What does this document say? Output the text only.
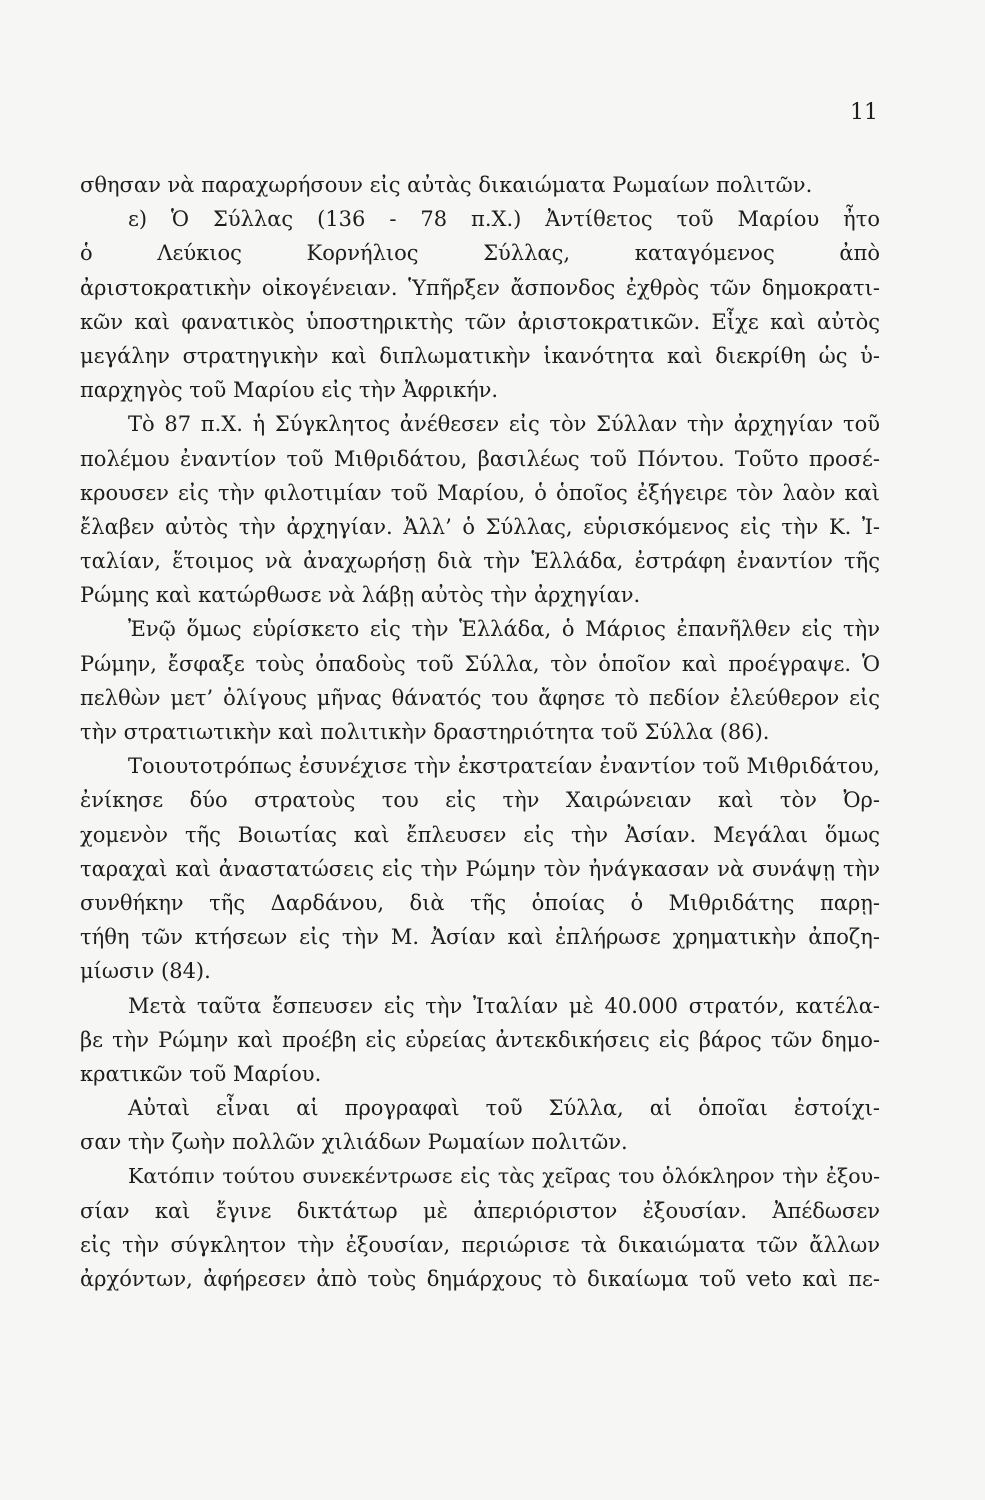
11
σθησαν νὰ παραχωρήσουν εἰς αὐτὰς δικαιώματα Ρωμαίων πολιτῶν.
ε) Ὁ Σύλλας (136 - 78 π.Χ.) Ἀντίθετος τοῦ Μαρίου ἦτο
ὁ Λεύκιος Κορνήλιος Σύλλας, καταγόμενος ἀπὸ
ἀριστοκρατικὴν οἰκογένειαν. Ὑπῆρξεν ἄσπονδος ἐχθρὸς τῶν δημοκρατι-
κῶν καὶ φανατικὸς ὑποστηρικτὴς τῶν ἀριστοκρατικῶν. Εἶχε καὶ αὐτὸς
μεγάλην στρατηγικὴν καὶ διπλωματικὴν ἱκανότητα καὶ διεκρίθη ὡς ὑ-
παρχηγὸς τοῦ Μαρίου εἰς τὴν Ἀφρικήν.
Τὸ 87 π.Χ. ἡ Σύγκλητος ἀνέθεσεν εἰς τὸν Σύλλαν τὴν ἀρχηγίαν τοῦ
πολέμου ἐναντίον τοῦ Μιθριδάτου, βασιλέως τοῦ Πόντου. Τοῦτο προσέ-
κρουσεν εἰς τὴν φιλοτιμίαν τοῦ Μαρίου, ὁ ὁποῖος ἐξήγειρε τὸν λαὸν καὶ
ἔλαβεν αὐτὸς τὴν ἀρχηγίαν. Ἀλλ’ ὁ Σύλλας, εὑρισκόμενος εἰς τὴν Κ. Ἰ-
ταλίαν, ἕτοιμος νὰ ἀναχωρήσῃ διὰ τὴν Ἑλλάδα, ἐστράφη ἐναντίον τῆς
Ρώμης καὶ κατώρθωσε νὰ λάβῃ αὐτὸς τὴν ἀρχηγίαν.
Ἐνῷ ὅμως εὑρίσκετο εἰς τὴν Ἑλλάδα, ὁ Μάριος ἐπανῆλθεν εἰς τὴν
Ρώμην, ἔσφαξε τοὺς ὀπαδοὺς τοῦ Σύλλα, τὸν ὁποῖον καὶ προέγραψε. Ὁ
πελθὼν μετ’ ὀλίγους μῆνας θάνατός του ἄφησε τὸ πεδίον ἐλεύθερον εἰς
τὴν στρατιωτικὴν καὶ πολιτικὴν δραστηριότητα τοῦ Σύλλα (86).
Τοιουτοτρόπως ἐσυνέχισε τὴν ἐκστρατείαν ἐναντίον τοῦ Μιθριδάτου,
ἐνίκησε δύο στρατοὺς του εἰς τὴν Χαιρώνειαν καὶ τὸν Ὀρ-
χομενὸν τῆς Βοιωτίας καὶ ἔπλευσεν εἰς τὴν Ἀσίαν. Μεγάλαι ὅμως
ταραχαὶ καὶ ἀναστατώσεις εἰς τὴν Ρώμην τὸν ἠνάγκασαν νὰ συνάψῃ τὴν
συνθήκην τῆς Δαρδάνου, διὰ τῆς ὁποίας ὁ Μιθριδάτης παρῃ-
τήθη τῶν κτήσεων εἰς τὴν Μ. Ἀσίαν καὶ ἐπλήρωσε χρηματικὴν ἀποζη-
μίωσιν (84).
Μετὰ ταῦτα ἔσπευσεν εἰς τὴν Ἰταλίαν μὲ 40.000 στρατόν, κατέλα-
βε τὴν Ρώμην καὶ προέβη εἰς εὐρείας ἀντεκδικήσεις εἰς βάρος τῶν δημο-
κρατικῶν τοῦ Μαρίου.
Αὐταὶ εἶναι αἱ προγραφαὶ τοῦ Σύλλα, αἱ ὁποῖαι ἐστοίχι-
σαν τὴν ζωὴν πολλῶν χιλιάδων Ρωμαίων πολιτῶν.
Κατόπιν τούτου συνεκέντρωσε εἰς τὰς χεῖρας του ὁλόκληρον τὴν ἐξου-
σίαν καὶ ἔγινε δικτάτωρ μὲ ἀπεριόριστον ἐξουσίαν. Ἀπέδωσεν
εἰς τὴν σύγκλητον τὴν ἐξουσίαν, περιώρισε τὰ δικαιώματα τῶν ἄλλων
ἀρχόντων, ἀφήρεσεν ἀπὸ τοὺς δημάρχους τὸ δικαίωμα τοῦ veto καὶ πε-
